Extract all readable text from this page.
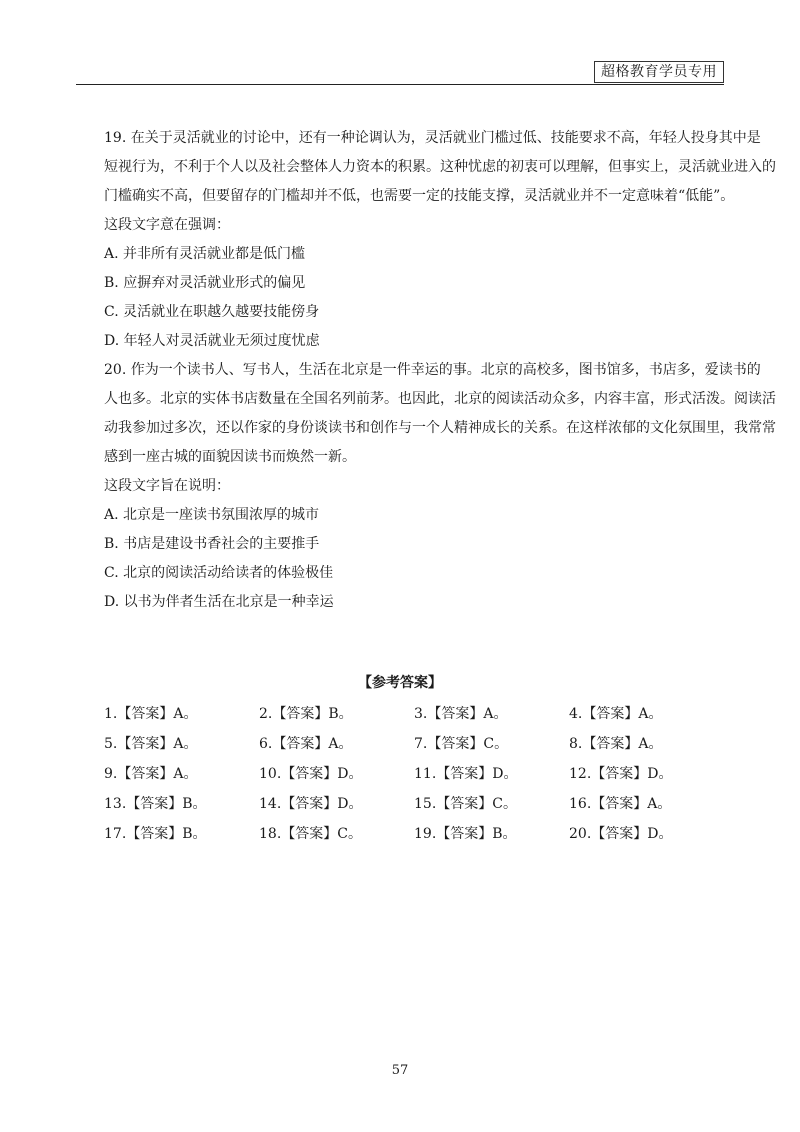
超格教育学员专用
19. 在关于灵活就业的讨论中，还有一种论调认为，灵活就业门槛过低、技能要求不高，年轻人投身其中是
短视行为，不利于个人以及社会整体人力资本的积累。这种忧虑的初衷可以理解，但事实上，灵活就业进入的
门槛确实不高，但要留存的门槛却并不低，也需要一定的技能支撑，灵活就业并不一定意味着“低能”。
这段文字意在强调：
A. 并非所有灵活就业都是低门槛
B. 应摒弃对灵活就业形式的偏见
C. 灵活就业在职越久越要技能傍身
D. 年轻人对灵活就业无须过度忧虑
20. 作为一个读书人、写书人，生活在北京是一件幸运的事。北京的高校多，图书馆多，书店多，爱读书的
人也多。北京的实体书店数量在全国名列前茅。也因此，北京的阅读活动众多，内容丰富，形式活泼。阅读活
动我参加过多次，还以作家的身份谈读书和创作与一个人精神成长的关系。在这样浓郁的文化氛围里，我常常
感到一座古城的面貌因读书而焕然一新。
这段文字旨在说明：
A. 北京是一座读书氛围浓厚的城市
B. 书店是建设书香社会的主要推手
C. 北京的阅读活动给读者的体验极佳
D. 以书为伴者生活在北京是一种幸运
【参考答案】
1.【答案】A。	2.【答案】B。	3.【答案】A。	4.【答案】A。
5.【答案】A。	6.【答案】A。	7.【答案】C。	8.【答案】A。
9.【答案】A。	10.【答案】D。	11.【答案】D。	12.【答案】D。
13.【答案】B。	14.【答案】D。	15.【答案】C。	16.【答案】A。
17.【答案】B。	18.【答案】C。	19.【答案】B。	20.【答案】D。
57
